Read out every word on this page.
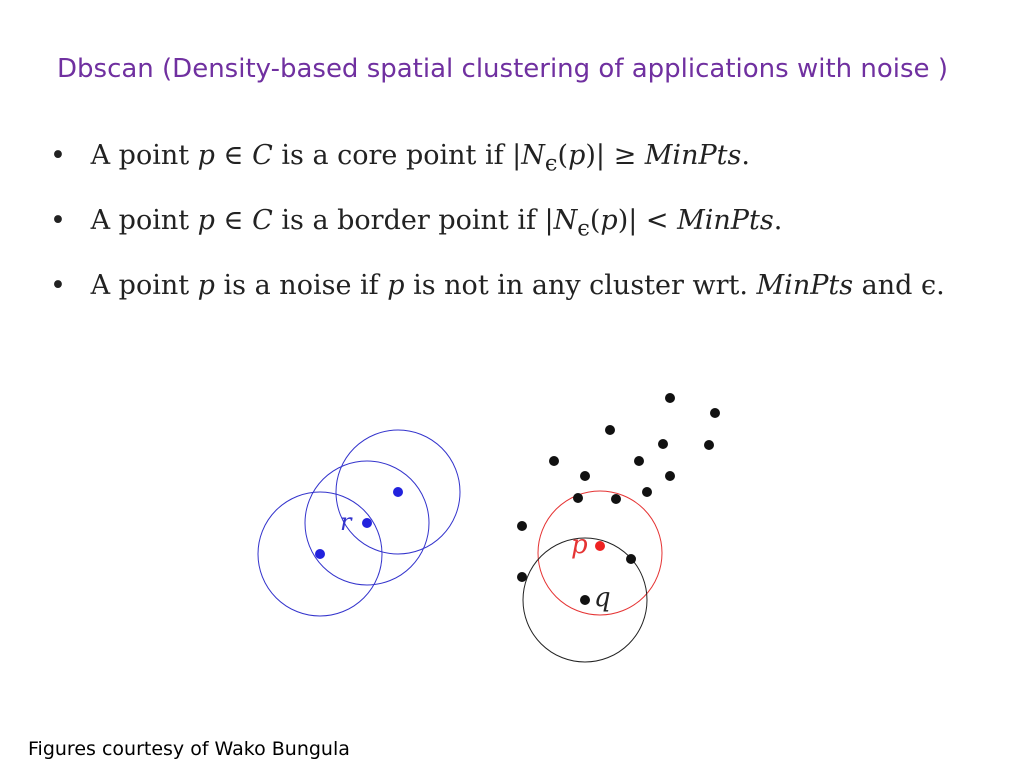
Dbscan (Density-based spatial clustering of applications with noise )
• A point p ∈ C is a core point if $|N_\epsilon(p)|$ ≥ MinPts.
• A point p ∈ C is a border point if $|N_\epsilon(p)|$ < MinPts.
• A point p is a noise if p is not in any cluster wrt. MinPts and ϵ.
r
p
q
Figures courtesy of Wako Bungula
